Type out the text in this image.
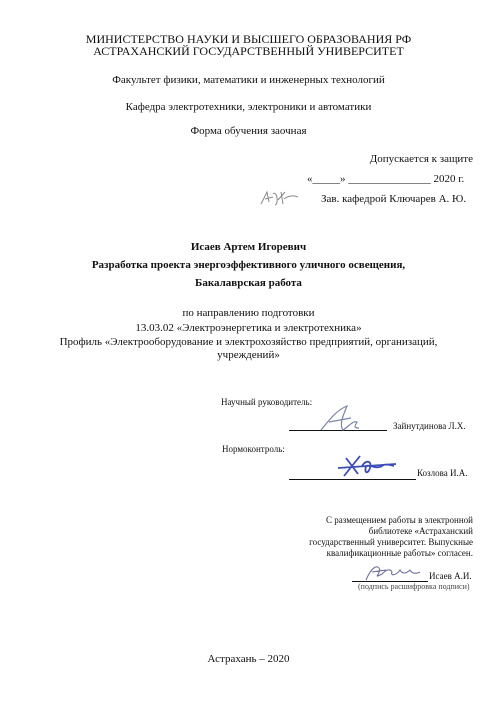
МИНИСТЕРСТВО НАУКИ И ВЫСШЕГО ОБРАЗОВАНИЯ РФ
АСТРАХАНСКИЙ ГОСУДАРСТВЕННЫЙ УНИВЕРСИТЕТ
Факультет физики, математики и инженерных технологий
Кафедра электротехники, электроники и автоматики
Форма обучения заочная
Допускается к защите
«_____» _______________ 2020 г.
Зав. кафедрой Ключарев А. Ю.
Исаев Артем Игоревич
Разработка проекта энергоэффективного уличного освещения,
Бакалаврская работа
по направлению подготовки
13.03.02 «Электроэнергетика и электротехника»
Профиль «Электрооборудование и электрохозяйство предприятий, организаций,
учреждений»
Научный руководитель:
Зайнутдинова Л.Х.
Нормоконтроль:
Козлова И.А.
С размещением работы в электронной
библиотеке «Астраханский
государственный университет. Выпускные
квалификационные работы» согласен.
Исаев А.И.
(подпись расшифровка подписи)
Астрахань – 2020
